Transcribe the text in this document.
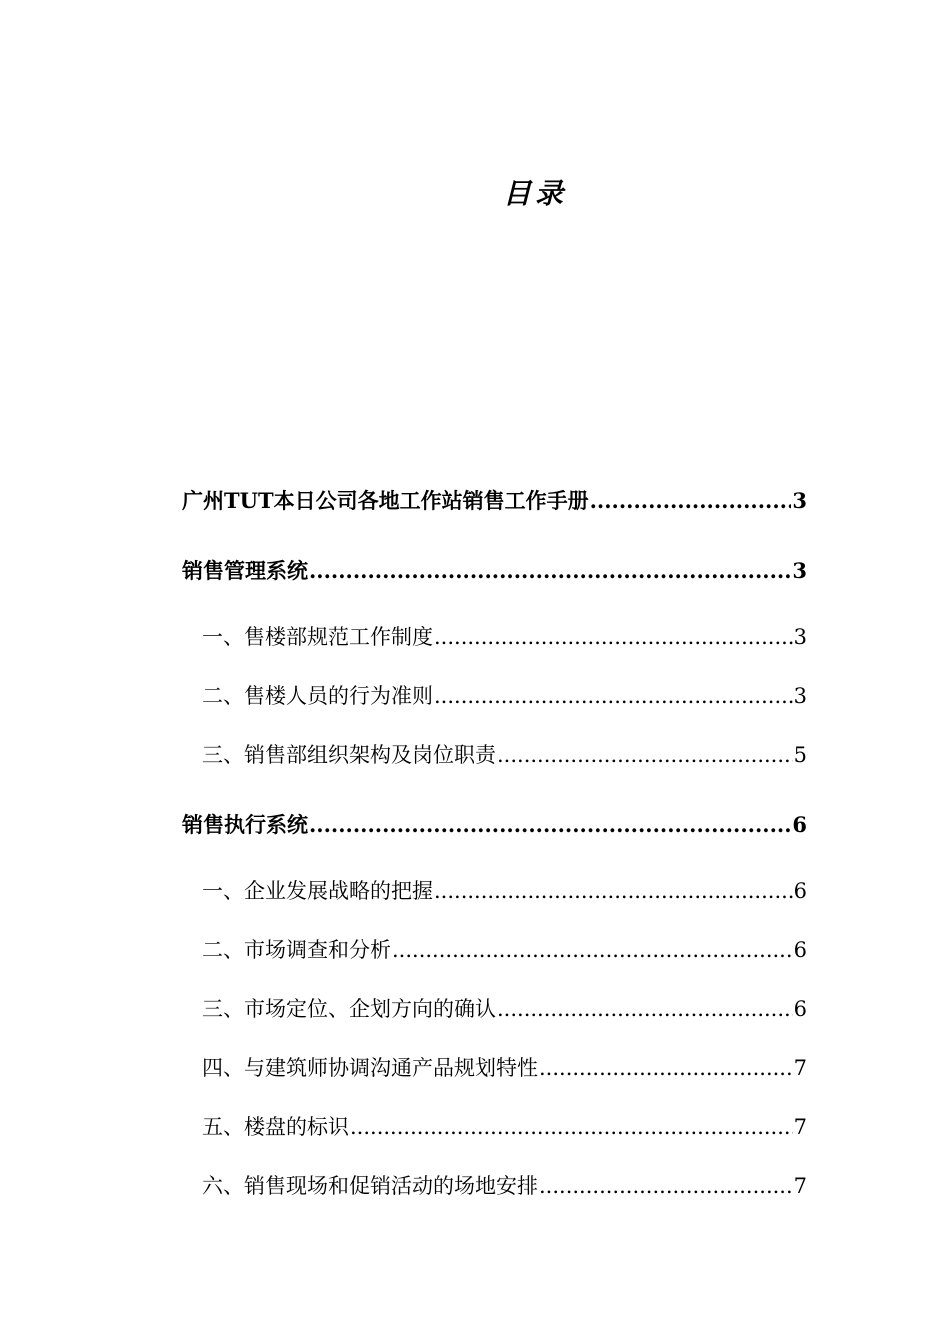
目录
广州TUT本日公司各地工作站销售工作手册 .....	3
销售管理系统 .....	3
一、售楼部规范工作制度 .....	3
二、售楼人员的行为准则 .....	3
三、销售部组织架构及岗位职责 .....	5
销售执行系统 .....	6
一、企业发展战略的把握 .....	6
二、市场调查和分析 .....	6
三、市场定位、企划方向的确认 .....	6
四、与建筑师协调沟通产品规划特性 .....	7
五、楼盘的标识 .....	7
六、销售现场和促销活动的场地安排 .....	7
